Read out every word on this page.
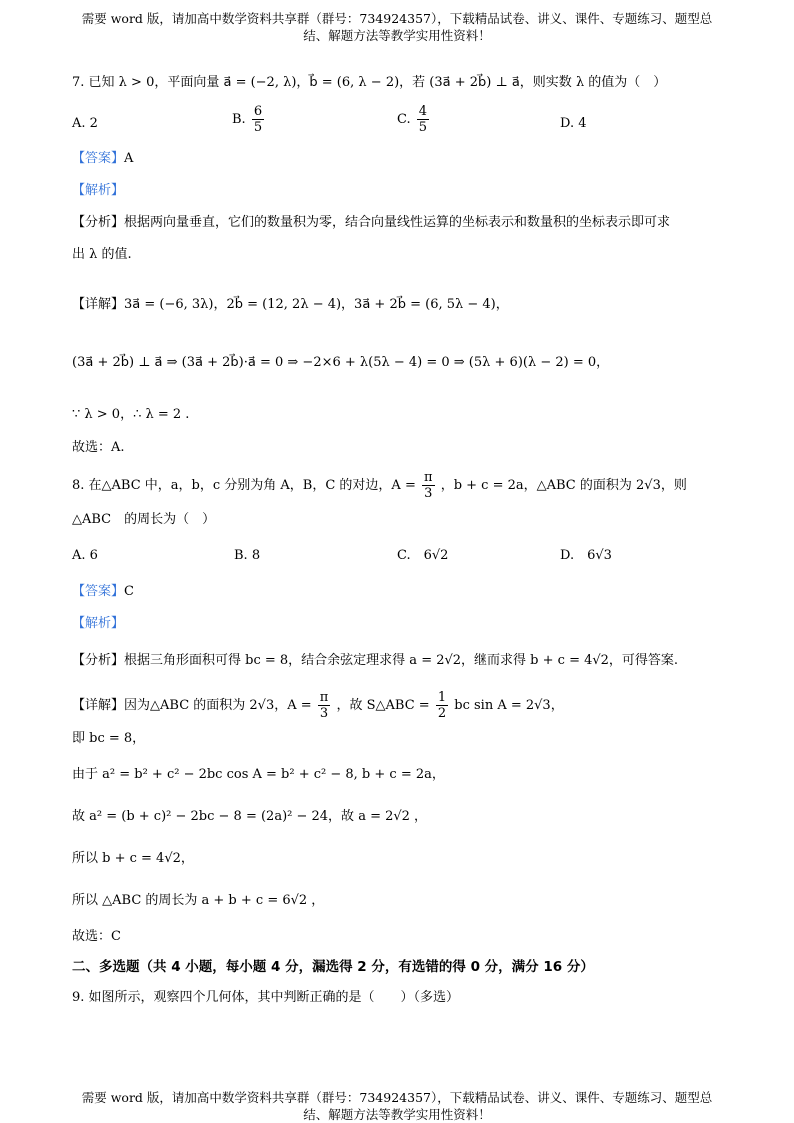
需要 word 版，请加高中数学资料共享群（群号：734924357），下载精品试卷、讲义、课件、专题练习、题型总
结、解题方法等教学实用性资料！
7. 已知 λ > 0，平面向量 a⃗ = (−2, λ)，b⃗ = (6, λ − 2)，若 (3a⃗ + 2b⃗) ⊥ a⃗，则实数 λ 的值为（　）
A. 2	B. $\frac{6}{5}$	C. $\frac{4}{5}$	D. 4
【答案】A
【解析】
【分析】根据两向量垂直，它们的数量积为零，结合向量线性运算的坐标表示和数量积的坐标表示即可求
出 λ 的值.
【详解】3a⃗ = (−6, 3λ)，2b⃗ = (12, 2λ − 4)，3a⃗ + 2b⃗ = (6, 5λ − 4)，
(3a⃗ + 2b⃗) ⊥ a⃗ ⇒ (3a⃗ + 2b⃗)·a⃗ = 0 ⇒ −2×6 + λ(5λ − 4) = 0 ⇒ (5λ + 6)(λ − 2) = 0，
∵ λ > 0，∴ λ = 2 .
故选：A.
8. 在△ABC 中，a，b，c 分别为角 A，B，C 的对边，$A = \frac{\pi}{3}$ ，b + c = 2a，△ABC 的面积为 2√3，则
△ABC　的周长为（　）
A. 6	B. 8	C.　6√2	D.　6√3
【答案】C
【解析】
【分析】根据三角形面积可得 bc = 8，结合余弦定理求得 a = 2√2，继而求得 b + c = 4√2，可得答案.
【详解】因为△ABC 的面积为 2√3，$A = \frac{\pi}{3}$ ，故 S△ABC = $\frac{1}{2}$ bc sin A = 2√3，
即 bc = 8，
由于 a² = b² + c² − 2bc cos A = b² + c² − 8, b + c = 2a，
故 a² = (b + c)² − 2bc − 8 = (2a)² − 24，故 a = 2√2 ，
所以 b + c = 4√2，
所以 △ABC 的周长为 a + b + c = 6√2 ，
故选：C
二、多选题（共 4 小题，每小题 4 分，漏选得 2 分，有选错的得 0 分，满分 16 分）
9. 如图所示，观察四个几何体，其中判断正确的是（　　）（多选）
需要 word 版，请加高中数学资料共享群（群号：734924357），下载精品试卷、讲义、课件、专题练习、题型总
结、解题方法等教学实用性资料！
